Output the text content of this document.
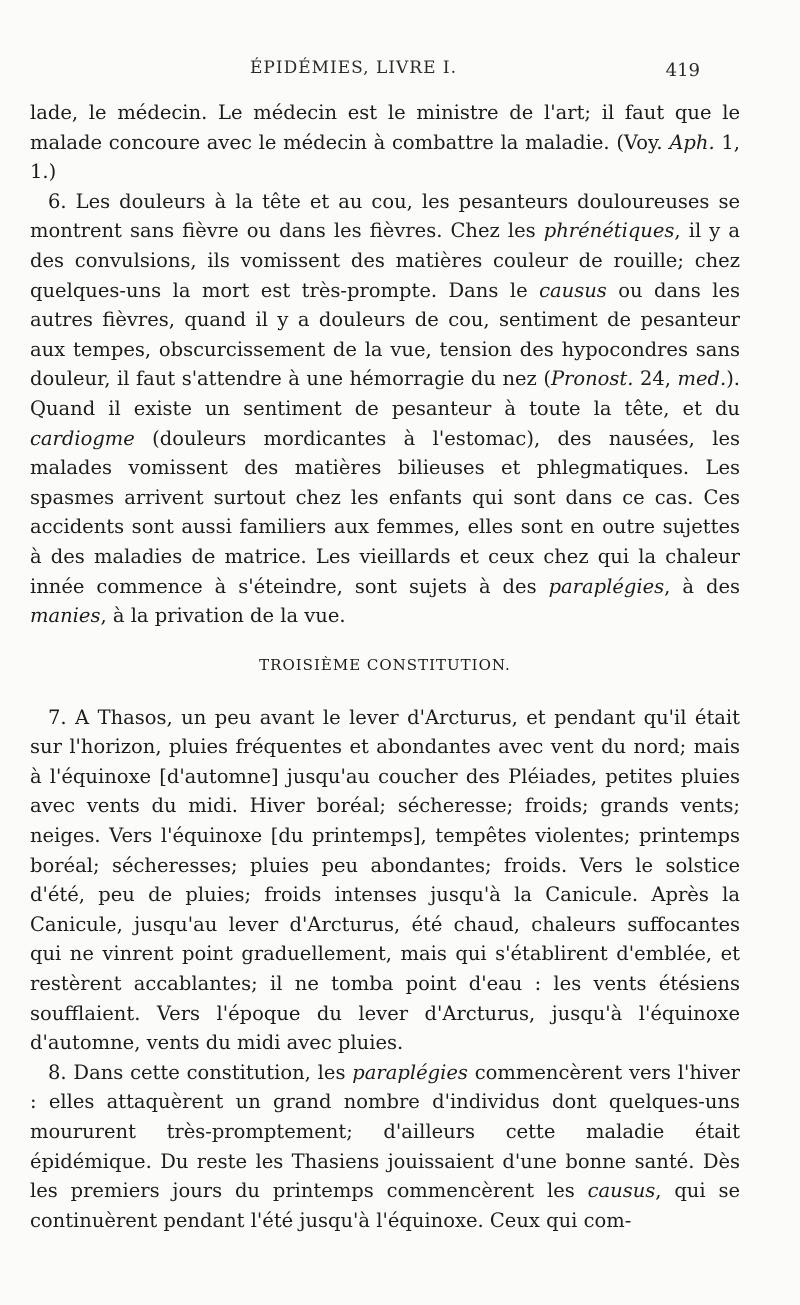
ÉPIDÉMIES, LIVRE I.	419

lade, le médecin. Le médecin est le ministre de l'art; il faut que le malade concoure avec le médecin à combattre la maladie. (Voy. Aph. 1, 1.)

6. Les douleurs à la tête et au cou, les pesanteurs douloureuses se montrent sans fièvre ou dans les fièvres. Chez les phrénétiques, il y a des convulsions, ils vomissent des matières couleur de rouille; chez quelques-uns la mort est très-prompte. Dans le causus ou dans les autres fièvres, quand il y a douleurs de cou, sentiment de pesanteur aux tempes, obscurcissement de la vue, tension des hypocondres sans douleur, il faut s'attendre à une hémorragie du nez (Pronost. 24, med.). Quand il existe un sentiment de pesanteur à toute la tête, et du cardiogme (douleurs mordicantes à l'estomac), des nausées, les malades vomissent des matières bilieuses et phlegmatiques. Les spasmes arrivent surtout chez les enfants qui sont dans ce cas. Ces accidents sont aussi familiers aux femmes, elles sont en outre sujettes à des maladies de matrice. Les vieillards et ceux chez qui la chaleur innée commence à s'éteindre, sont sujets à des paraplégies, à des manies, à la privation de la vue.

TROISIÈME CONSTITUTION.

7. A Thasos, un peu avant le lever d'Arcturus, et pendant qu'il était sur l'horizon, pluies fréquentes et abondantes avec vent du nord; mais à l'équinoxe [d'automne] jusqu'au coucher des Pléiades, petites pluies avec vents du midi. Hiver boréal; sécheresse; froids; grands vents; neiges. Vers l'équinoxe [du printemps], tempêtes violentes; printemps boréal; sécheresses; pluies peu abondantes; froids. Vers le solstice d'été, peu de pluies; froids intenses jusqu'à la Canicule. Après la Canicule, jusqu'au lever d'Arcturus, été chaud, chaleurs suffocantes qui ne vinrent point graduellement, mais qui s'établirent d'emblée, et restèrent accablantes; il ne tomba point d'eau : les vents étésiens soufflaient. Vers l'époque du lever d'Arcturus, jusqu'à l'équinoxe d'automne, vents du midi avec pluies.

8. Dans cette constitution, les paraplégies commencèrent vers l'hiver : elles attaquèrent un grand nombre d'individus dont quelques-uns moururent très-promptement; d'ailleurs cette maladie était épidémique. Du reste les Thasiens jouissaient d'une bonne santé. Dès les premiers jours du printemps commencèrent les causus, qui se continuèrent pendant l'été jusqu'à l'équinoxe. Ceux qui com-
